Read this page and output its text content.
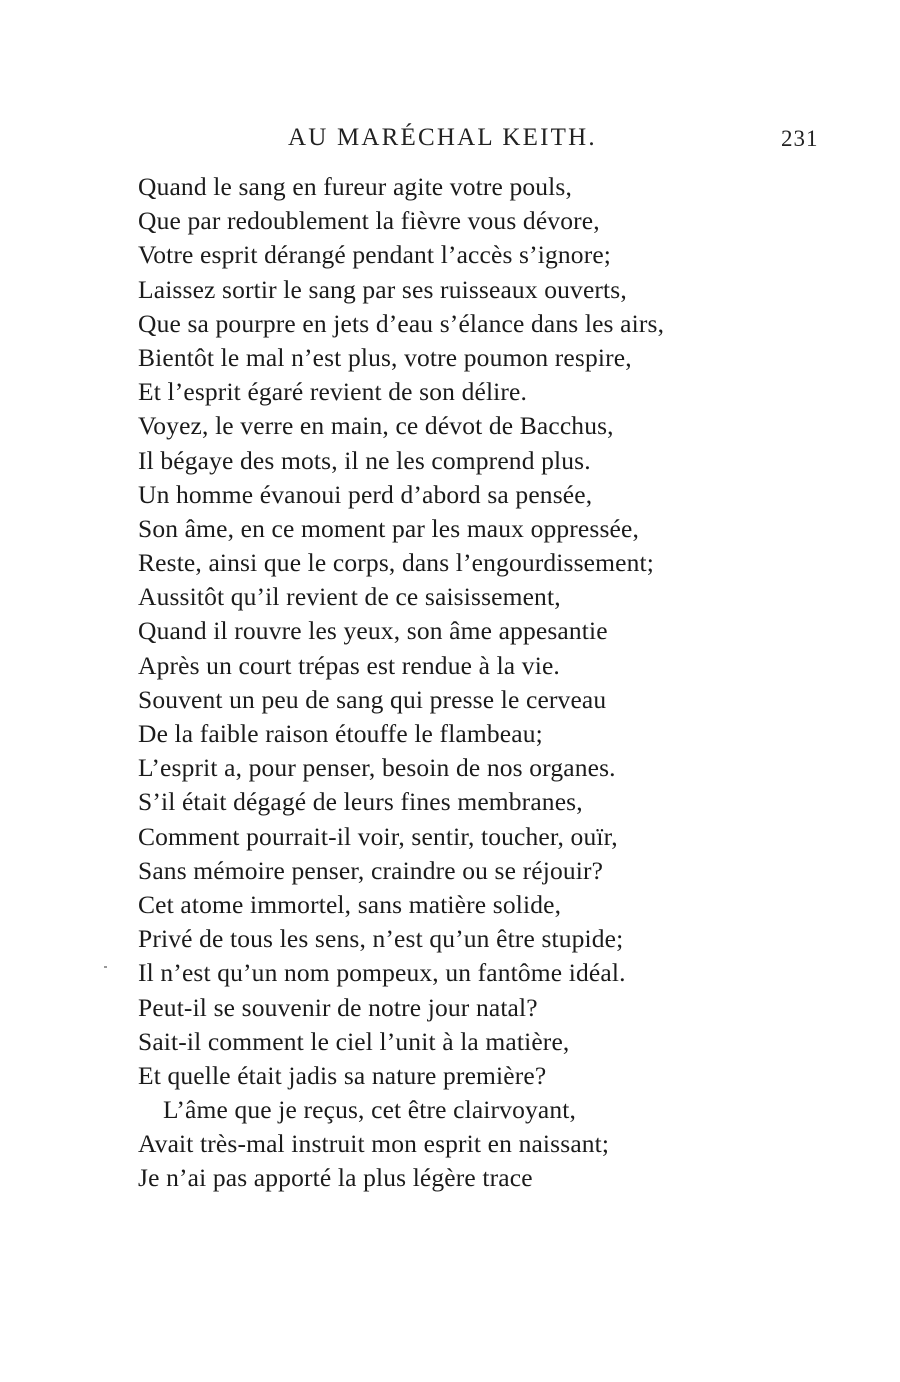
AU MARÉCHAL KEITH.	231
Quand le sang en fureur agite votre pouls,
Que par redoublement la fièvre vous dévore,
Votre esprit dérangé pendant l’accès s’ignore;
Laissez sortir le sang par ses ruisseaux ouverts,
Que sa pourpre en jets d’eau s’élance dans les airs,
Bientôt le mal n’est plus, votre poumon respire,
Et l’esprit égaré revient de son délire.
Voyez, le verre en main, ce dévot de Bacchus,
Il bégaye des mots, il ne les comprend plus.
Un homme évanoui perd d’abord sa pensée,
Son âme, en ce moment par les maux oppressée,
Reste, ainsi que le corps, dans l’engourdissement;
Aussitôt qu’il revient de ce saisissement,
Quand il rouvre les yeux, son âme appesantie
Après un court trépas est rendue à la vie.
Souvent un peu de sang qui presse le cerveau
De la faible raison étouffe le flambeau;
L’esprit a, pour penser, besoin de nos organes.
S’il était dégagé de leurs fines membranes,
Comment pourrait-il voir, sentir, toucher, ouïr,
Sans mémoire penser, craindre ou se réjouir?
Cet atome immortel, sans matière solide,
Privé de tous les sens, n’est qu’un être stupide;
Il n’est qu’un nom pompeux, un fantôme idéal.
Peut-il se souvenir de notre jour natal?
Sait-il comment le ciel l’unit à la matière,
Et quelle était jadis sa nature première?
L’âme que je reçus, cet être clairvoyant,
Avait très-mal instruit mon esprit en naissant;
Je n’ai pas apporté la plus légère trace
